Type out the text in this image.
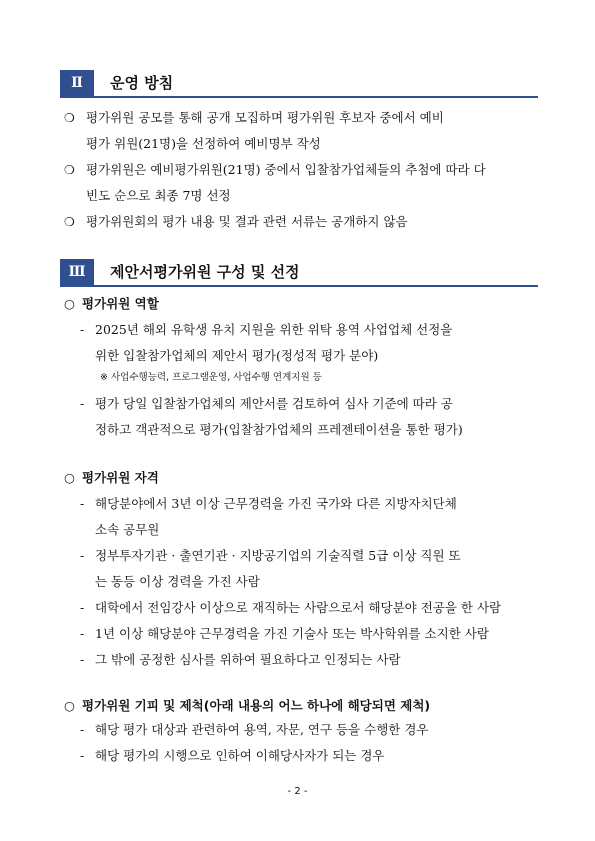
Ⅱ	운영 방침
❍ 평가위원 공모를 통해 공개 모집하며 평가위원 후보자 중에서 예비
평가 위원(21명)을 선정하여 예비명부 작성
❍ 평가위원은 예비평가위원(21명) 중에서 입찰참가업체들의 추첨에 따라 다
빈도 순으로 최종 7명 선정
❍ 평가위원회의 평가 내용 및 결과 관련 서류는 공개하지 않음
Ⅲ	제안서평가위원 구성 및 선정
○ 평가위원 역할
- 2025년 해외 유학생 유치 지원을 위한 위탁 용역 사업업체 선정을
위한 입찰참가업체의 제안서 평가(정성적 평가 분야)
※ 사업수행능력, 프로그램운영, 사업수행 연계지원 등
- 평가 당일 입찰참가업체의 제안서를 검토하여 심사 기준에 따라 공
정하고 객관적으로 평가(입찰참가업체의 프레젠테이션을 통한 평가)
○ 평가위원 자격
- 해당분야에서 3년 이상 근무경력을 가진 국가와 다른 지방자치단체
소속 공무원
- 정부투자기관 · 출연기관 · 지방공기업의 기술직렬 5급 이상 직원 또
는 동등 이상 경력을 가진 사람
- 대학에서 전임강사 이상으로 재직하는 사람으로서 해당분야 전공을 한 사람
- 1년 이상 해당분야 근무경력을 가진 기술사 또는 박사학위를 소지한 사람
- 그 밖에 공정한 심사를 위하여 필요하다고 인정되는 사람
○ 평가위원 기피 및 제척(아래 내용의 어느 하나에 해당되면 제척)
- 해당 평가 대상과 관련하여 용역, 자문, 연구 등을 수행한 경우
- 해당 평가의 시행으로 인하여 이해당사자가 되는 경우
- 2 -
